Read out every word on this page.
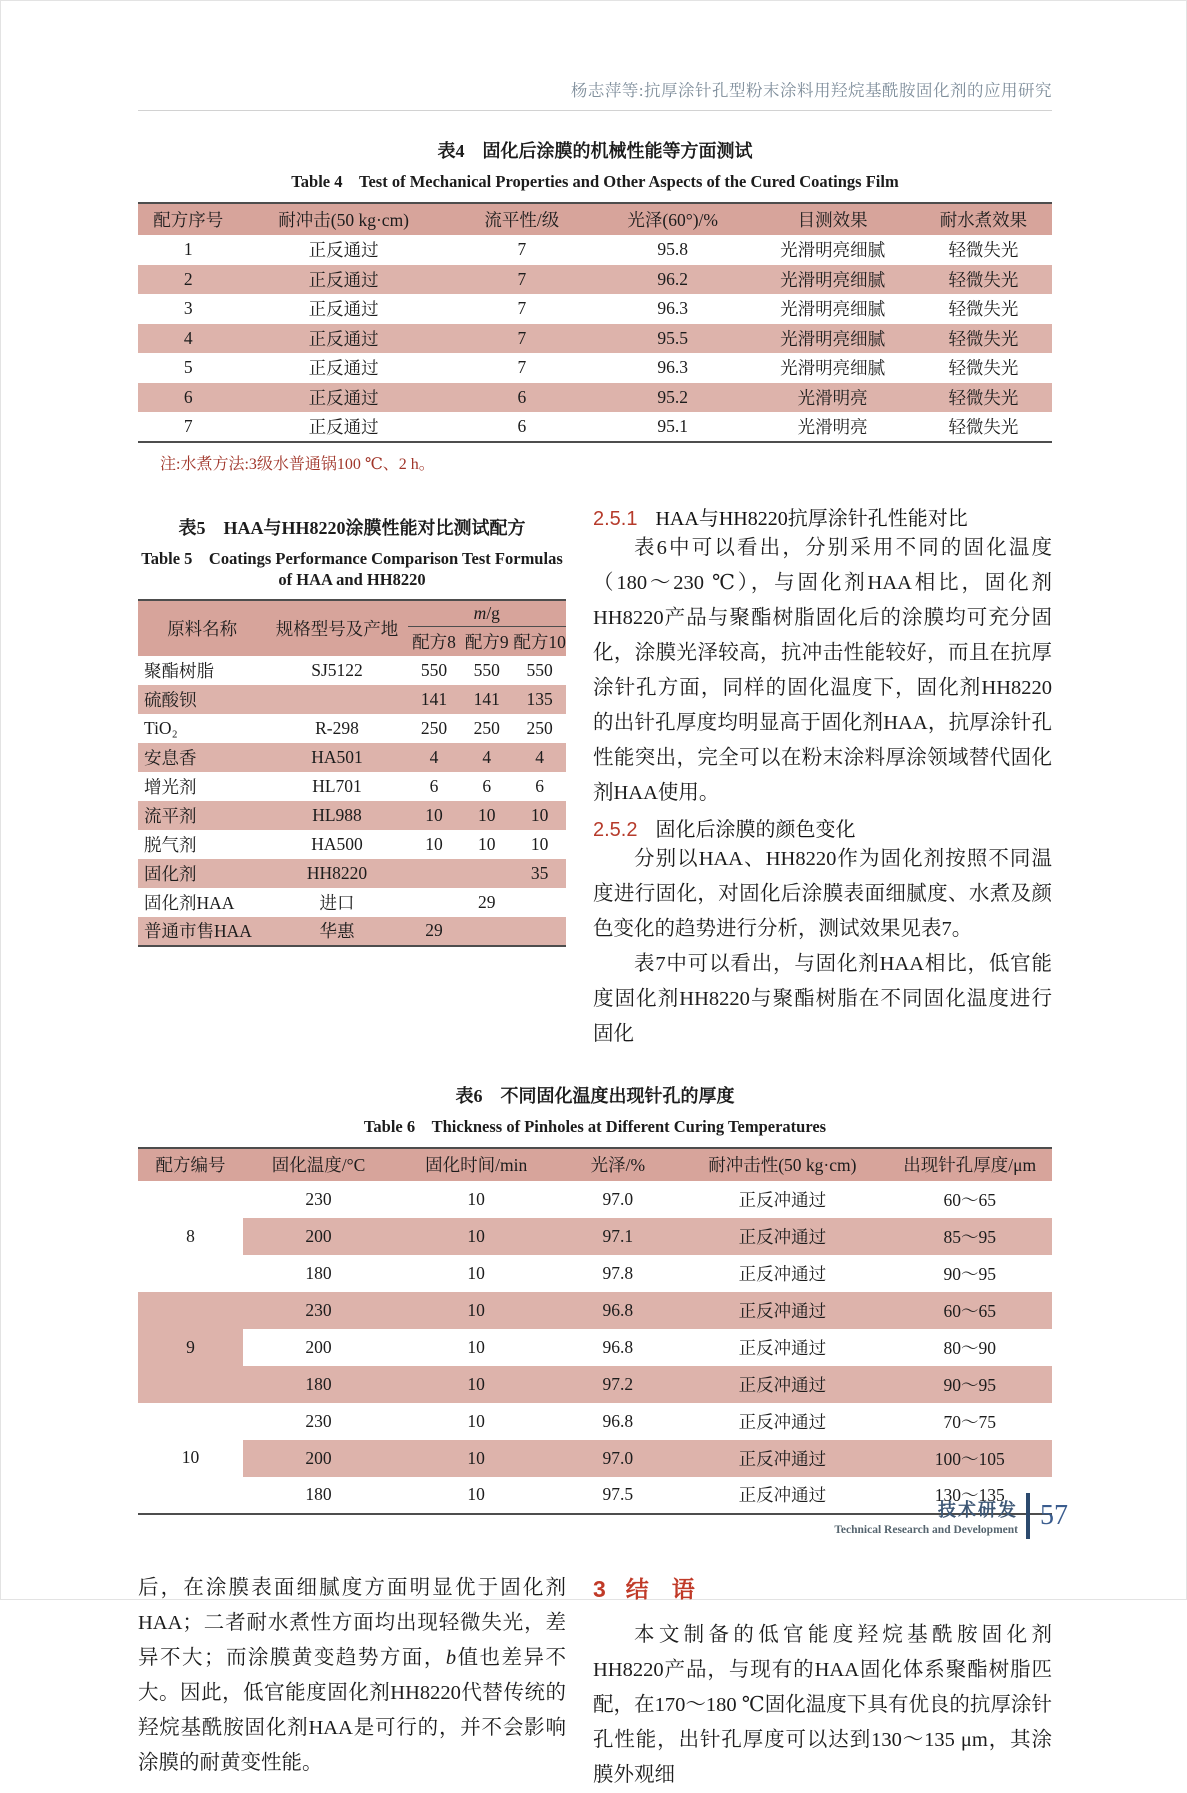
杨志萍等:抗厚涂针孔型粉末涂料用羟烷基酰胺固化剂的应用研究
表4　固化后涂膜的机械性能等方面测试
Table 4　Test of Mechanical Properties and Other Aspects of the Cured Coatings Film
配方序号	耐冲击(50 kg·cm)	流平性/级	光泽(60°)/%	目测效果	耐水煮效果
1	正反通过	7	95.8	光滑明亮细腻	轻微失光
2	正反通过	7	96.2	光滑明亮细腻	轻微失光
3	正反通过	7	96.3	光滑明亮细腻	轻微失光
4	正反通过	7	95.5	光滑明亮细腻	轻微失光
5	正反通过	7	96.3	光滑明亮细腻	轻微失光
6	正反通过	6	95.2	光滑明亮	轻微失光
7	正反通过	6	95.1	光滑明亮	轻微失光
注:水煮方法:3级水普通锅100 ℃、2 h。
表5　HAA与HH8220涂膜性能对比测试配方
Table 5　Coatings Performance Comparison Test Formulas
of HAA and HH8220
原料名称	规格型号及产地	m/g		
		配方8	配方9	配方10
聚酯树脂	SJ5122	550	550	550
硫酸钡		141	141	135
TiO₂	R-298	250	250	250
安息香	HA501	4	4	4
增光剂	HL701	6	6	6
流平剂	HL988	10	10	10
脱气剂	HA500	10	10	10
固化剂	HH8220			35
固化剂HAA	进口		29	
普通市售HAA	华惠	29		
2.5.1 HAA与HH8220抗厚涂针孔性能对比

表6中可以看出，分别采用不同的固化温度（180～230 ℃），与固化剂HAA相比，固化剂HH8220产品与聚酯树脂固化后的涂膜均可充分固化，涂膜光泽较高，抗冲击性能较好，而且在抗厚涂针孔方面，同样的固化温度下，固化剂HH8220的出针孔厚度均明显高于固化剂HAA，抗厚涂针孔性能突出，完全可以在粉末涂料厚涂领域替代固化剂HAA使用。

2.5.2 固化后涂膜的颜色变化

分别以HAA、HH8220作为固化剂按照不同温度进行固化，对固化后涂膜表面细腻度、水煮及颜色变化的趋势进行分析，测试效果见表7。

表7中可以看出，与固化剂HAA相比，低官能度固化剂HH8220与聚酯树脂在不同固化温度进行固化

表6　不同固化温度出现针孔的厚度
Table 6　Thickness of Pinholes at Different Curing Temperatures
配方编号	固化温度/°C	固化时间/min	光泽/%	耐冲击性(50 kg·cm)	出现针孔厚度/μm
8	230	10	97.0	正反冲通过	60～65
	200	10	97.1	正反冲通过	85～95
	180	10	97.8	正反冲通过	90～95
9	230	10	96.8	正反冲通过	60～65
	200	10	96.8	正反冲通过	80～90
	180	10	97.2	正反冲通过	90～95
10	230	10	96.8	正反冲通过	70～75
	200	10	97.0	正反冲通过	100～105
	180	10	97.5	正反冲通过	130～135

后，在涂膜表面细腻度方面明显优于固化剂HAA；二者耐水煮性方面均出现轻微失光，差异不大；而涂膜黄变趋势方面，b值也差异不大。因此，低官能度固化剂HH8220代替传统的羟烷基酰胺固化剂HAA是可行的，并不会影响涂膜的耐黄变性能。

3 结　语

本文制备的低官能度羟烷基酰胺固化剂HH8220产品，与现有的HAA固化体系聚酯树脂匹配，在170～180 ℃固化温度下具有优良的抗厚涂针孔性能，出针孔厚度可以达到130～135 μm，其涂膜外观细

技术研发
Technical Research and Development 57
